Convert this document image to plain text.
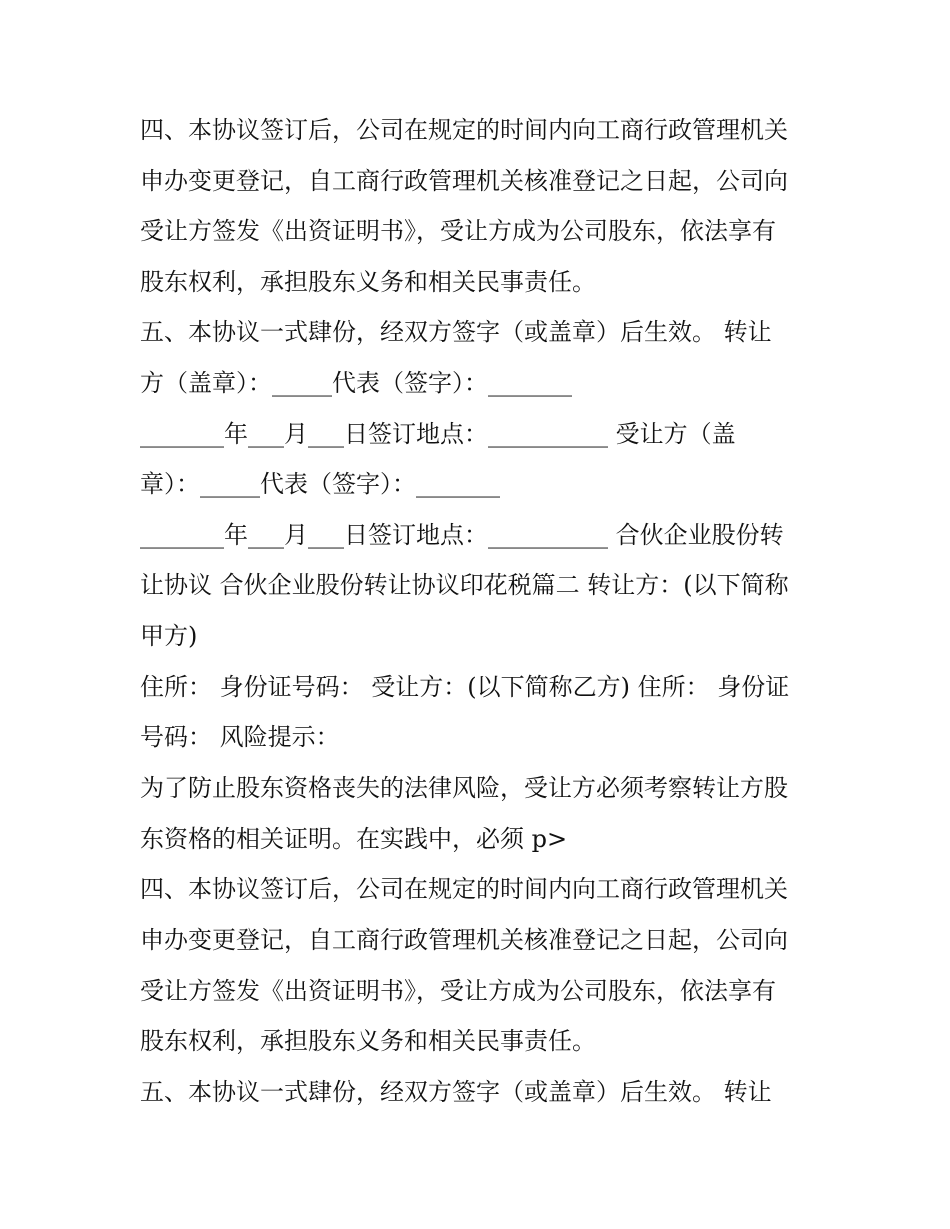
四、本协议签订后，公司在规定的时间内向工商行政管理机关
申办变更登记，自工商行政管理机关核准登记之日起，公司向
受让方签发《出资证明书》，受让方成为公司股东，依法享有
股东权利，承担股东义务和相关民事责任。
五、本协议一式肆份，经双方签字（或盖章）后生效。 转让
方（盖章）：_____代表（签字）：_______
_______年___月___日签订地点：__________ 受让方（盖
章）：_____代表（签字）：_______
_______年___月___日签订地点：__________ 合伙企业股份转
让协议 合伙企业股份转让协议印花税篇二 转让方：(以下简称
甲方)
住所： 身份证号码： 受让方：(以下简称乙方) 住所： 身份证
号码： 风险提示：
为了防止股东资格丧失的法律风险，受让方必须考察转让方股
东资格的相关证明。在实践中，必须 p>
四、本协议签订后，公司在规定的时间内向工商行政管理机关
申办变更登记，自工商行政管理机关核准登记之日起，公司向
受让方签发《出资证明书》，受让方成为公司股东，依法享有
股东权利，承担股东义务和相关民事责任。
五、本协议一式肆份，经双方签字（或盖章）后生效。 转让
